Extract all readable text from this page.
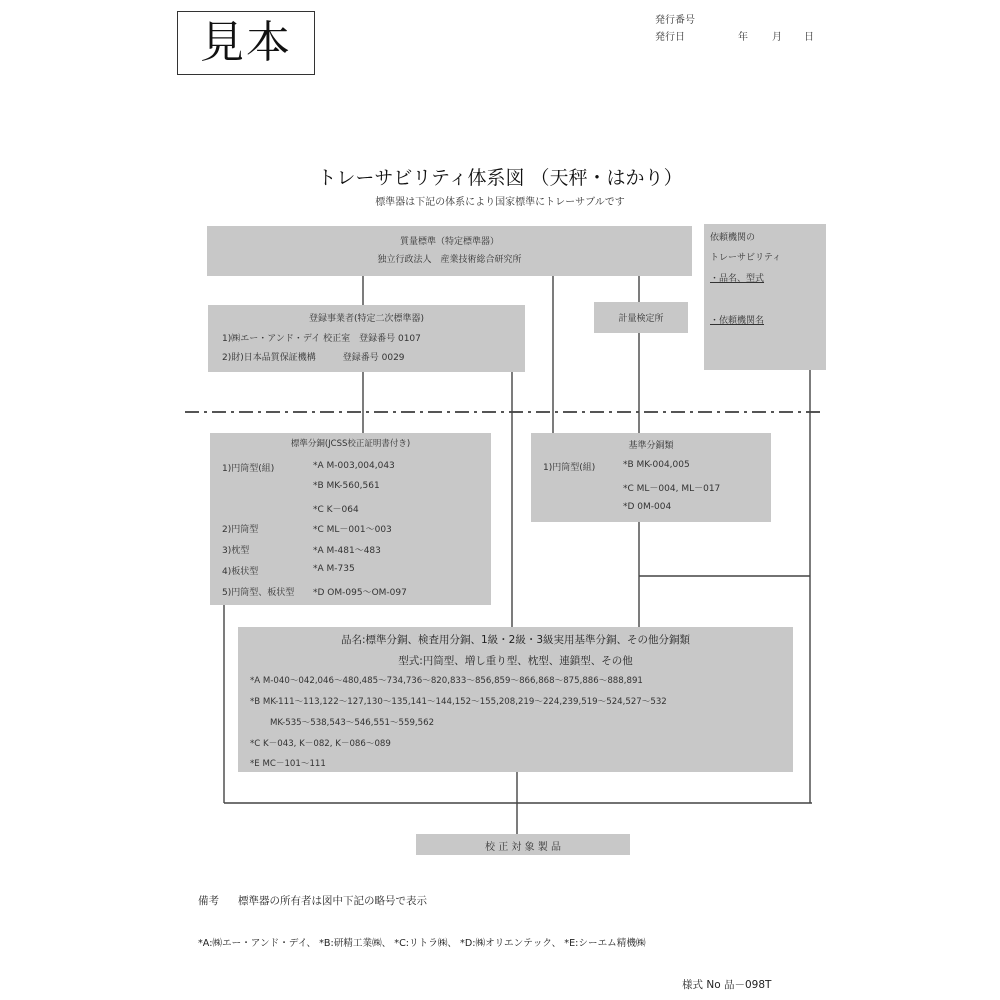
見本	発行番号
発行日	年 月 日
トレーサビリティ体系図 （天秤・はかり）
標準器は下記の体系により国家標準にトレーサブルです
質量標準（特定標準器）
独立行政法人　産業技術総合研究所
依頼機関の
トレーサビリティ
・品名、型式
・依頼機関名
登録事業者(特定二次標準器)
1)㈱エー・アンド・デイ 校正室　登録番号 0107
2)財)日本品質保証機構　　　登録番号 0029
計量検定所
標準分銅(JCSS校正証明書付き)
1)円筒型(組)	*A M-003,004,043
*B MK-560,561
*C K－064
2)円筒型	*C ML－001～003
3)枕型	*A M-481～483
4)板状型	*A M-735
5)円筒型、板状型 *D OM-095～OM-097
基準分銅類
1)円筒型(組)	*B MK-004,005
*C ML－004, ML－017
*D 0M-004
品名:標準分銅、検査用分銅、1級・2級・3級実用基準分銅、その他分銅類
型式:円筒型、増し重り型、枕型、連鎖型、その他
*A M-040～042,046～480,485～734,736～820,833～856,859～866,868～875,886～888,891
*B MK-111～113,122～127,130～135,141～144,152～155,208,219～224,239,519～524,527～532
MK-535～538,543～546,551～559,562
*C K－043, K－082, K－086～089
*E MC－101～111
校 正 対 象 製 品
備考 標準器の所有者は図中下記の略号で表示
*A:㈱エー・アンド・デイ、 *B:研精工業㈱、 *C:リトラ㈱、 *D:㈱オリエンテック、 *E:シーエム精機㈱
様式 No 品－098T
